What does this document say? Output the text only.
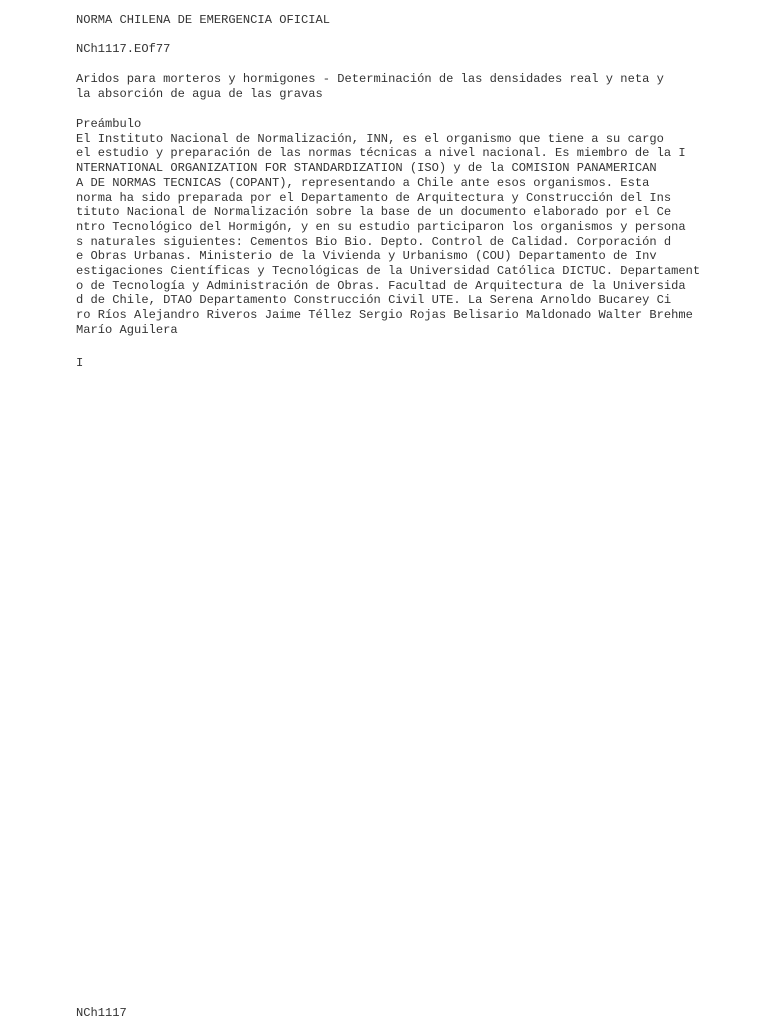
NORMA CHILENA DE EMERGENCIA OFICIAL

NCh1117.EOf77

Aridos para morteros y hormigones - Determinación de las densidades real y neta y
la absorción de agua de las gravas
Preámbulo
El Instituto Nacional de Normalización, INN, es el organismo que tiene a su cargo
el estudio y preparación de las normas técnicas a nivel nacional. Es miembro de la I
NTERNATIONAL ORGANIZATION FOR STANDARDIZATION (ISO) y de la COMISION PANAMERICAN
A DE NORMAS TECNICAS (COPANT), representando a Chile ante esos organismos. Esta
norma ha sido preparada por el Departamento de Arquitectura y Construcción del Ins
tituto Nacional de Normalización sobre la base de un documento elaborado por el Ce
ntro Tecnológico del Hormigón, y en su estudio participaron los organismos y persona
s naturales siguientes: Cementos Bio Bio. Depto. Control de Calidad. Corporación d
e Obras Urbanas. Ministerio de la Vivienda y Urbanismo (COU) Departamento de Inv
estigaciones Científicas y Tecnológicas de la Universidad Católica DICTUC. Departament
o de Tecnología y Administración de Obras. Facultad de Arquitectura de la Universida
d de Chile, DTAO Departamento Construcción Civil UTE. La Serena Arnoldo Bucarey Ci
ro Ríos Alejandro Riveros Jaime Téllez Sergio Rojas Belisario Maldonado Walter Brehme
Marío Aguilera

I

NCh1117
